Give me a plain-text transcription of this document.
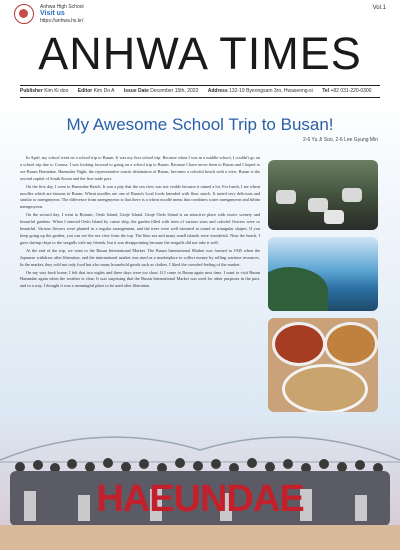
Anhwa High School
Visit us
https://anhwa.hs.kr/
Vol.1
ANHWA TIMES
Publisher Kim Ki doo Editor Kim Do A Issue Date December 15th, 2023 Address 132-19 Byeongsam 3ro, Hwaseong-si Tel +82 031-220-0300
My Awesome School Trip to Busan!
2-6 Yu Ji Soo, 2-6 Lee Gyung Min

In April, my school went on a school trip to Busan. It was my first school trip. Because when I was in a middle school, I couldn't go on a school trip due to Corona. I was looking forward to going on a school trip to Busan. Because I have never been to Busan and I hoped to see Busan Haeundae. Haeundae Night, the representative tourist destination of Busan, becomes a colorful beach with a view. Busan is the second capital of South Korea and the first trade port.

On the first day, I went to Haeundae Beach. It was a pity that the sea view was not visible because it rained a lot. For lunch, I ate wheat noodles which are famous in Busan. Wheat noodles are one of Busan's local foods kneaded with flour starch. It tasted very delicious and similar to naengmyeon. The difference from naengmyeon is that there is a wheat noodle menu that combines water naengmyeon and bibim naengmyeon.

On the second day, I went to Botanic, Oedo Island, Geoje Island. Geoje Oedo Island is an attractive place with exotic scenery and beautiful gardens. When I entered Oedo Island by cruise ship, the garden filled with trees of various sizes and colorful flowers were so beautiful. Various flowers were planted in a regular arrangement, and the trees were well trimmed in round or triangular shapes. If you keep going up the garden, you can see the sea view from the top. The blue sea and many small islands were wonderful. Near the beach, I gave shrimp chips to the seagulls with my friends, but it was disappointing because the seagulls did not take it well.

At the end of the trip, we went to the Busan International Market. The Busan International Market was formed in 1945 when the Japanese withdrew after liberation, and the international market was used as a marketplace to collect money by selling wartime resources. In the market, they sold not only food but also many household goods such as clothes. I liked the crowded feeling of the market.

On my way back home, I felt that two nights and three days were too short. If I come to Busan again next time, I want to visit Busan Haeundae again when the weather is clear. It was surprising that the Busan International Market was used for other purposes in the past, and in a way, I thought it was a meaningful place to be used after liberation.

HAEUNDAE
